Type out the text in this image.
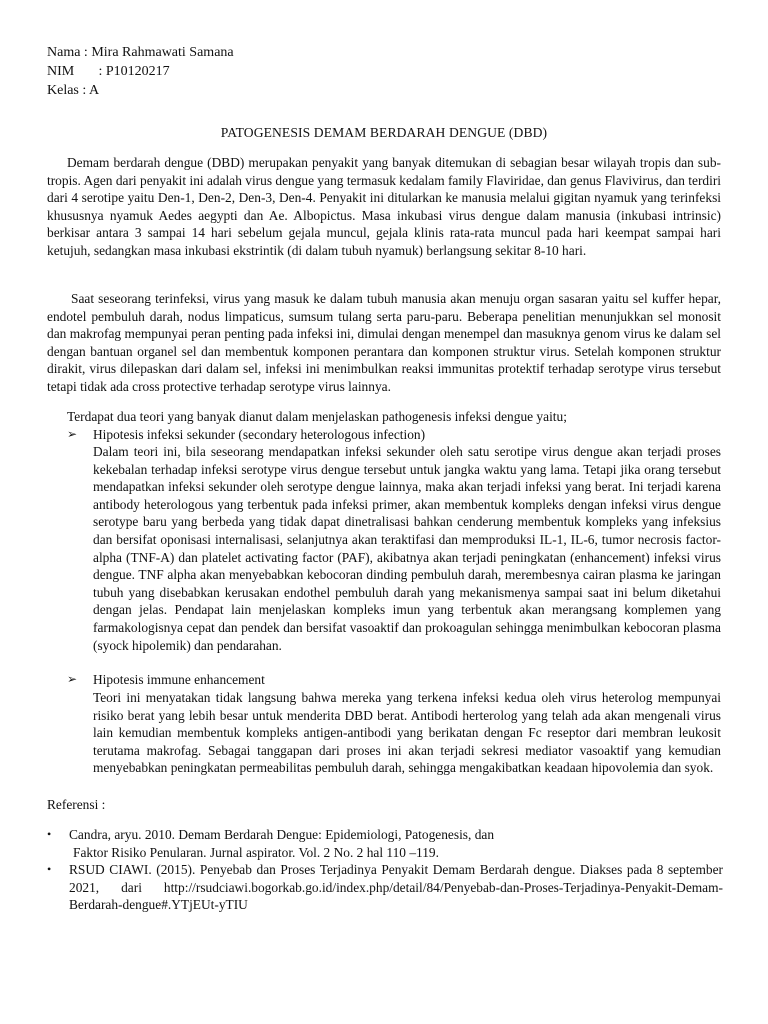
Nama : Mira Rahmawati Samana
NIM	: P10120217
Kelas : A
PATOGENESIS DEMAM BERDARAH DENGUE (DBD)

Demam berdarah dengue (DBD) merupakan penyakit yang banyak ditemukan di sebagian besar wilayah tropis dan sub-tropis. Agen dari penyakit ini adalah virus dengue yang termasuk kedalam family Flaviridae, dan genus Flavivirus, dan terdiri dari 4 serotipe yaitu Den-1, Den-2, Den-3, Den-4. Penyakit ini ditularkan ke manusia melalui gigitan nyamuk yang terinfeksi khususnya nyamuk Aedes aegypti dan Ae. Albopictus. Masa inkubasi virus dengue dalam manusia (inkubasi intrinsic) berkisar antara 3 sampai 14 hari sebelum gejala muncul, gejala klinis rata-rata muncul pada hari keempat sampai hari ketujuh, sedangkan masa inkubasi ekstrintik (di dalam tubuh nyamuk) berlangsung sekitar 8-10 hari.

Saat seseorang terinfeksi, virus yang masuk ke dalam tubuh manusia akan menuju organ sasaran yaitu sel kuffer hepar, endotel pembuluh darah, nodus limpaticus, sumsum tulang serta paru-paru. Beberapa penelitian menunjukkan sel monosit dan makrofag mempunyai peran penting pada infeksi ini, dimulai dengan menempel dan masuknya genom virus ke dalam sel dengan bantuan organel sel dan membentuk komponen perantara dan komponen struktur virus. Setelah komponen struktur dirakit, virus dilepaskan dari dalam sel, infeksi ini menimbulkan reaksi immunitas protektif terhadap serotype virus tersebut tetapi tidak ada cross protective terhadap serotype virus lainnya.

Terdapat dua teori yang banyak dianut dalam menjelaskan pathogenesis infeksi dengue yaitu;
➢	Hipotesis infeksi sekunder (secondary heterologous infection)

Dalam teori ini, bila seseorang mendapatkan infeksi sekunder oleh satu serotipe virus dengue akan terjadi proses kekebalan terhadap infeksi serotype virus dengue tersebut untuk jangka waktu yang lama. Tetapi jika orang tersebut mendapatkan infeksi sekunder oleh serotype dengue lainnya, maka akan terjadi infeksi yang berat. Ini terjadi karena antibody heterologous yang terbentuk pada infeksi primer, akan membentuk kompleks dengan infeksi virus dengue serotype baru yang berbeda yang tidak dapat dinetralisasi bahkan cenderung membentuk kompleks yang infeksius dan bersifat oponisasi internalisasi, selanjutnya akan teraktifasi dan memproduksi IL-1, IL-6, tumor necrosis factor-alpha (TNF-A) dan platelet activating factor (PAF), akibatnya akan terjadi peningkatan (enhancement) infeksi virus dengue. TNF alpha akan menyebabkan kebocoran dinding pembuluh darah, merembesnya cairan plasma ke jaringan tubuh yang disebabkan kerusakan endothel pembuluh darah yang mekanismenya sampai saat ini belum diketahui dengan jelas. Pendapat lain menjelaskan kompleks imun yang terbentuk akan merangsang komplemen yang farmakologisnya cepat dan pendek dan bersifat vasoaktif dan prokoagulan sehingga menimbulkan kebocoran plasma (syock hipolemik) dan pendarahan.

➢	Hipotesis immune enhancement

Teori ini menyatakan tidak langsung bahwa mereka yang terkena infeksi kedua oleh virus heterolog mempunyai risiko berat yang lebih besar untuk menderita DBD berat. Antibodi herterolog yang telah ada akan mengenali virus lain kemudian membentuk kompleks antigen-antibodi yang berikatan dengan Fc reseptor dari membran leukosit terutama makrofag. Sebagai tanggapan dari proses ini akan terjadi sekresi mediator vasoaktif yang kemudian menyebabkan peningkatan permeabilitas pembuluh darah, sehingga mengakibatkan keadaan hipovolemia dan syok.

Referensi :
•	Candra, aryu. 2010. Demam Berdarah Dengue: Epidemiologi, Patogenesis, dan
Faktor Risiko Penularan. Jurnal aspirator. Vol. 2 No. 2 hal 110 –119.
•	RSUD CIAWI. (2015). Penyebab dan Proses Terjadinya Penyakit Demam Berdarah dengue. Diakses pada 8 september 2021, dari http://rsudciawi.bogorkab.go.id/index.php/detail/84/Penyebab-dan-Proses-Terjadinya-Penyakit-Demam-Berdarah-dengue#.YTjEUt-yTIU
